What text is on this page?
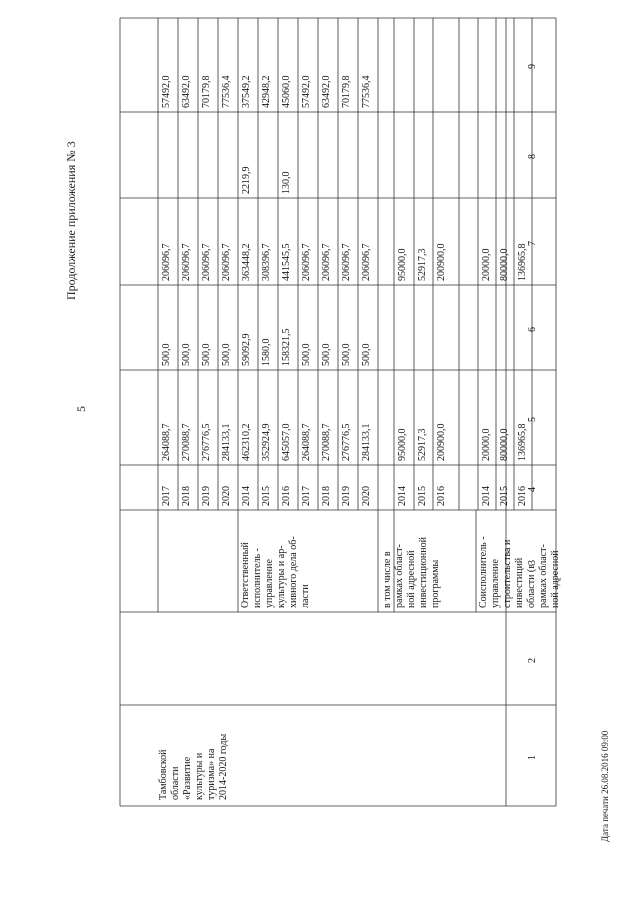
5
Продолжение приложения № 3
Дата печати 26.08.2016 09:00
1
2
3
4
5
6
7
8
9
57492,0
206096,7
500,0
264088,7
2017
63492,0
206096,7
500,0
270088,7
2018
70179,8
206096,7
500,0
276776,5
2019
77536,4
206096,7
500,0
284133,1
2020
37549,2
2219,9
363448,2
59092,9
462310,2
2014
42948,2
308396,7
1580,0
352924,9
2015
45060,0
130,0
441545,5
158321,5
645057,0
2016
57492,0
206096,7
500,0
264088,7
2017
63492,0
206096,7
500,0
270088,7
2018
70179,8
206096,7
500,0
276776,5
2019
77536,4
206096,7
500,0
284133,1
2020
95000,0
95000,0
2014
52917,3
52917,3
2015
200900,0
200900,0
2016
20000,0
20000,0
2014
80000,0
80000,0
2015
136965,8
136965,8
2016
Тамбовской области «Развитие культуры и туризма» на 2014-2020 годы
Ответственный исполнитель - управление культуры и ар- хивного дела об- ласти	в том числе в рамках област- ной адресной инвестиционной программы	Соисполнитель - управление строительства и инвестиций области (в рамках област- ной адресной
